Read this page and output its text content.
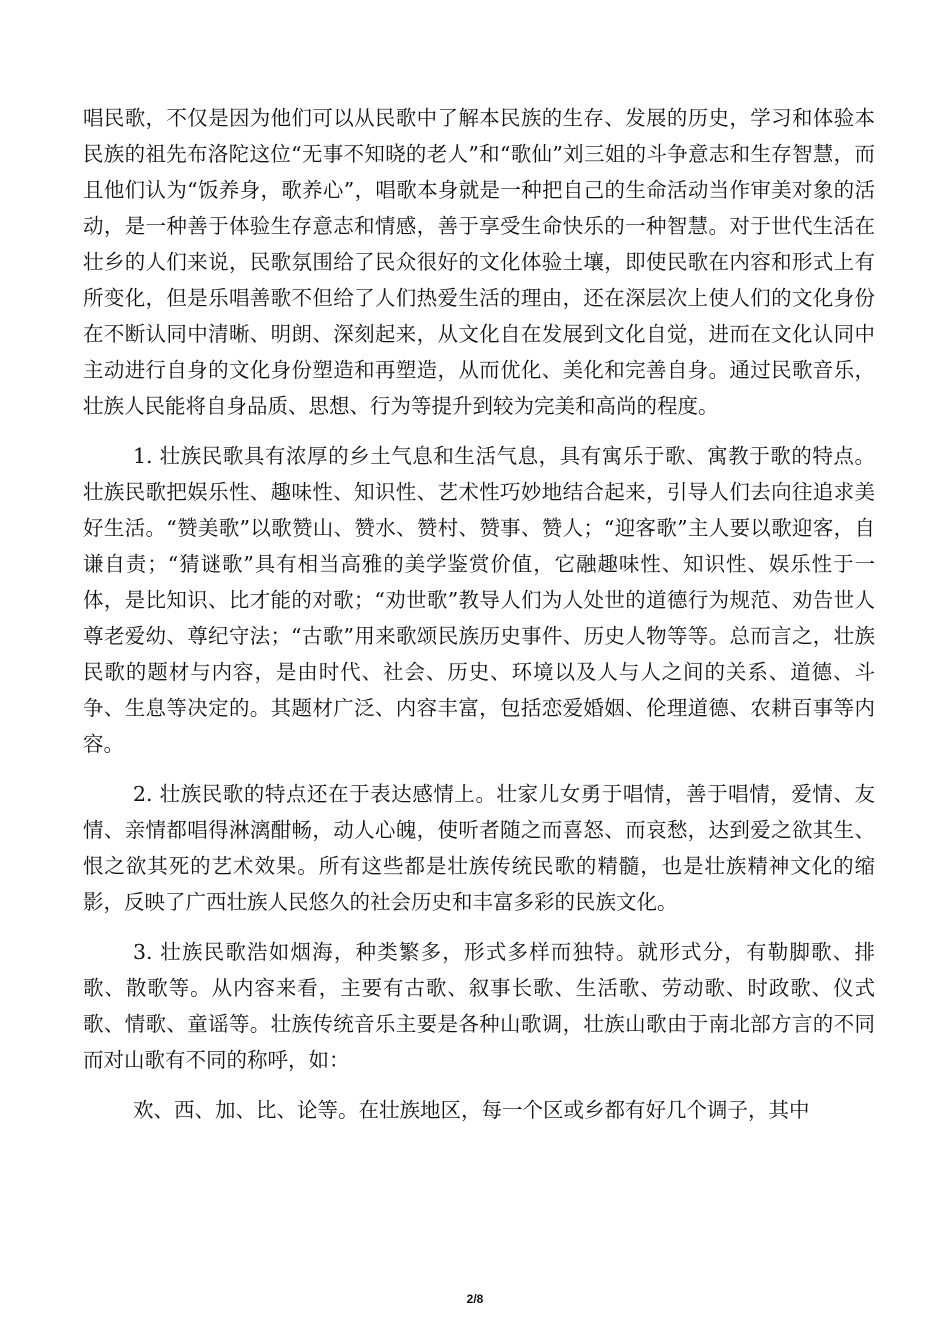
唱民歌，不仅是因为他们可以从民歌中了解本民族的生存、发展的历史，学习和体验本民族的祖先布洛陀这位“无事不知晓的老人”和“歌仙”刘三姐的斗争意志和生存智慧，而且他们认为“饭养身，歌养心”，唱歌本身就是一种把自己的生命活动当作审美对象的活动，是一种善于体验生存意志和情感，善于享受生命快乐的一种智慧。对于世代生活在壮乡的人们来说，民歌氛围给了民众很好的文化体验土壤，即使民歌在内容和形式上有所变化，但是乐唱善歌不但给了人们热爱生活的理由，还在深层次上使人们的文化身份在不断认同中清晰、明朗、深刻起来，从文化自在发展到文化自觉，进而在文化认同中主动进行自身的文化身份塑造和再塑造，从而优化、美化和完善自身。通过民歌音乐，壮族人民能将自身品质、思想、行为等提升到较为完美和高尚的程度。

1. 壮族民歌具有浓厚的乡土气息和生活气息，具有寓乐于歌、寓教于歌的特点。壮族民歌把娱乐性、趣味性、知识性、艺术性巧妙地结合起来，引导人们去向往追求美好生活。“赞美歌”以歌赞山、赞水、赞村、赞事、赞人；“迎客歌”主人要以歌迎客，自谦自责；“猜谜歌”具有相当高雅的美学鉴赏价值，它融趣味性、知识性、娱乐性于一体，是比知识、比才能的对歌；“劝世歌”教导人们为人处世的道德行为规范、劝告世人尊老爱幼、尊纪守法；“古歌”用来歌颂民族历史事件、历史人物等等。总而言之，壮族民歌的题材与内容，是由时代、社会、历史、环境以及人与人之间的关系、道德、斗争、生息等决定的。其题材广泛、内容丰富，包括恋爱婚姻、伦理道德、农耕百事等内容。

2. 壮族民歌的特点还在于表达感情上。壮家儿女勇于唱情，善于唱情，爱情、友情、亲情都唱得淋漓酣畅，动人心魄，使听者随之而喜怒、而哀愁，达到爱之欲其生、恨之欲其死的艺术效果。所有这些都是壮族传统民歌的精髓，也是壮族精神文化的缩影，反映了广西壮族人民悠久的社会历史和丰富多彩的民族文化。

3. 壮族民歌浩如烟海，种类繁多，形式多样而独特。就形式分，有勒脚歌、排歌、散歌等。从内容来看，主要有古歌、叙事长歌、生活歌、劳动歌、时政歌、仪式歌、情歌、童谣等。壮族传统音乐主要是各种山歌调，壮族山歌由于南北部方言的不同而对山歌有不同的称呼，如：

欢、西、加、比、论等。在壮族地区，每一个区或乡都有好几个调子，其中

2/8
